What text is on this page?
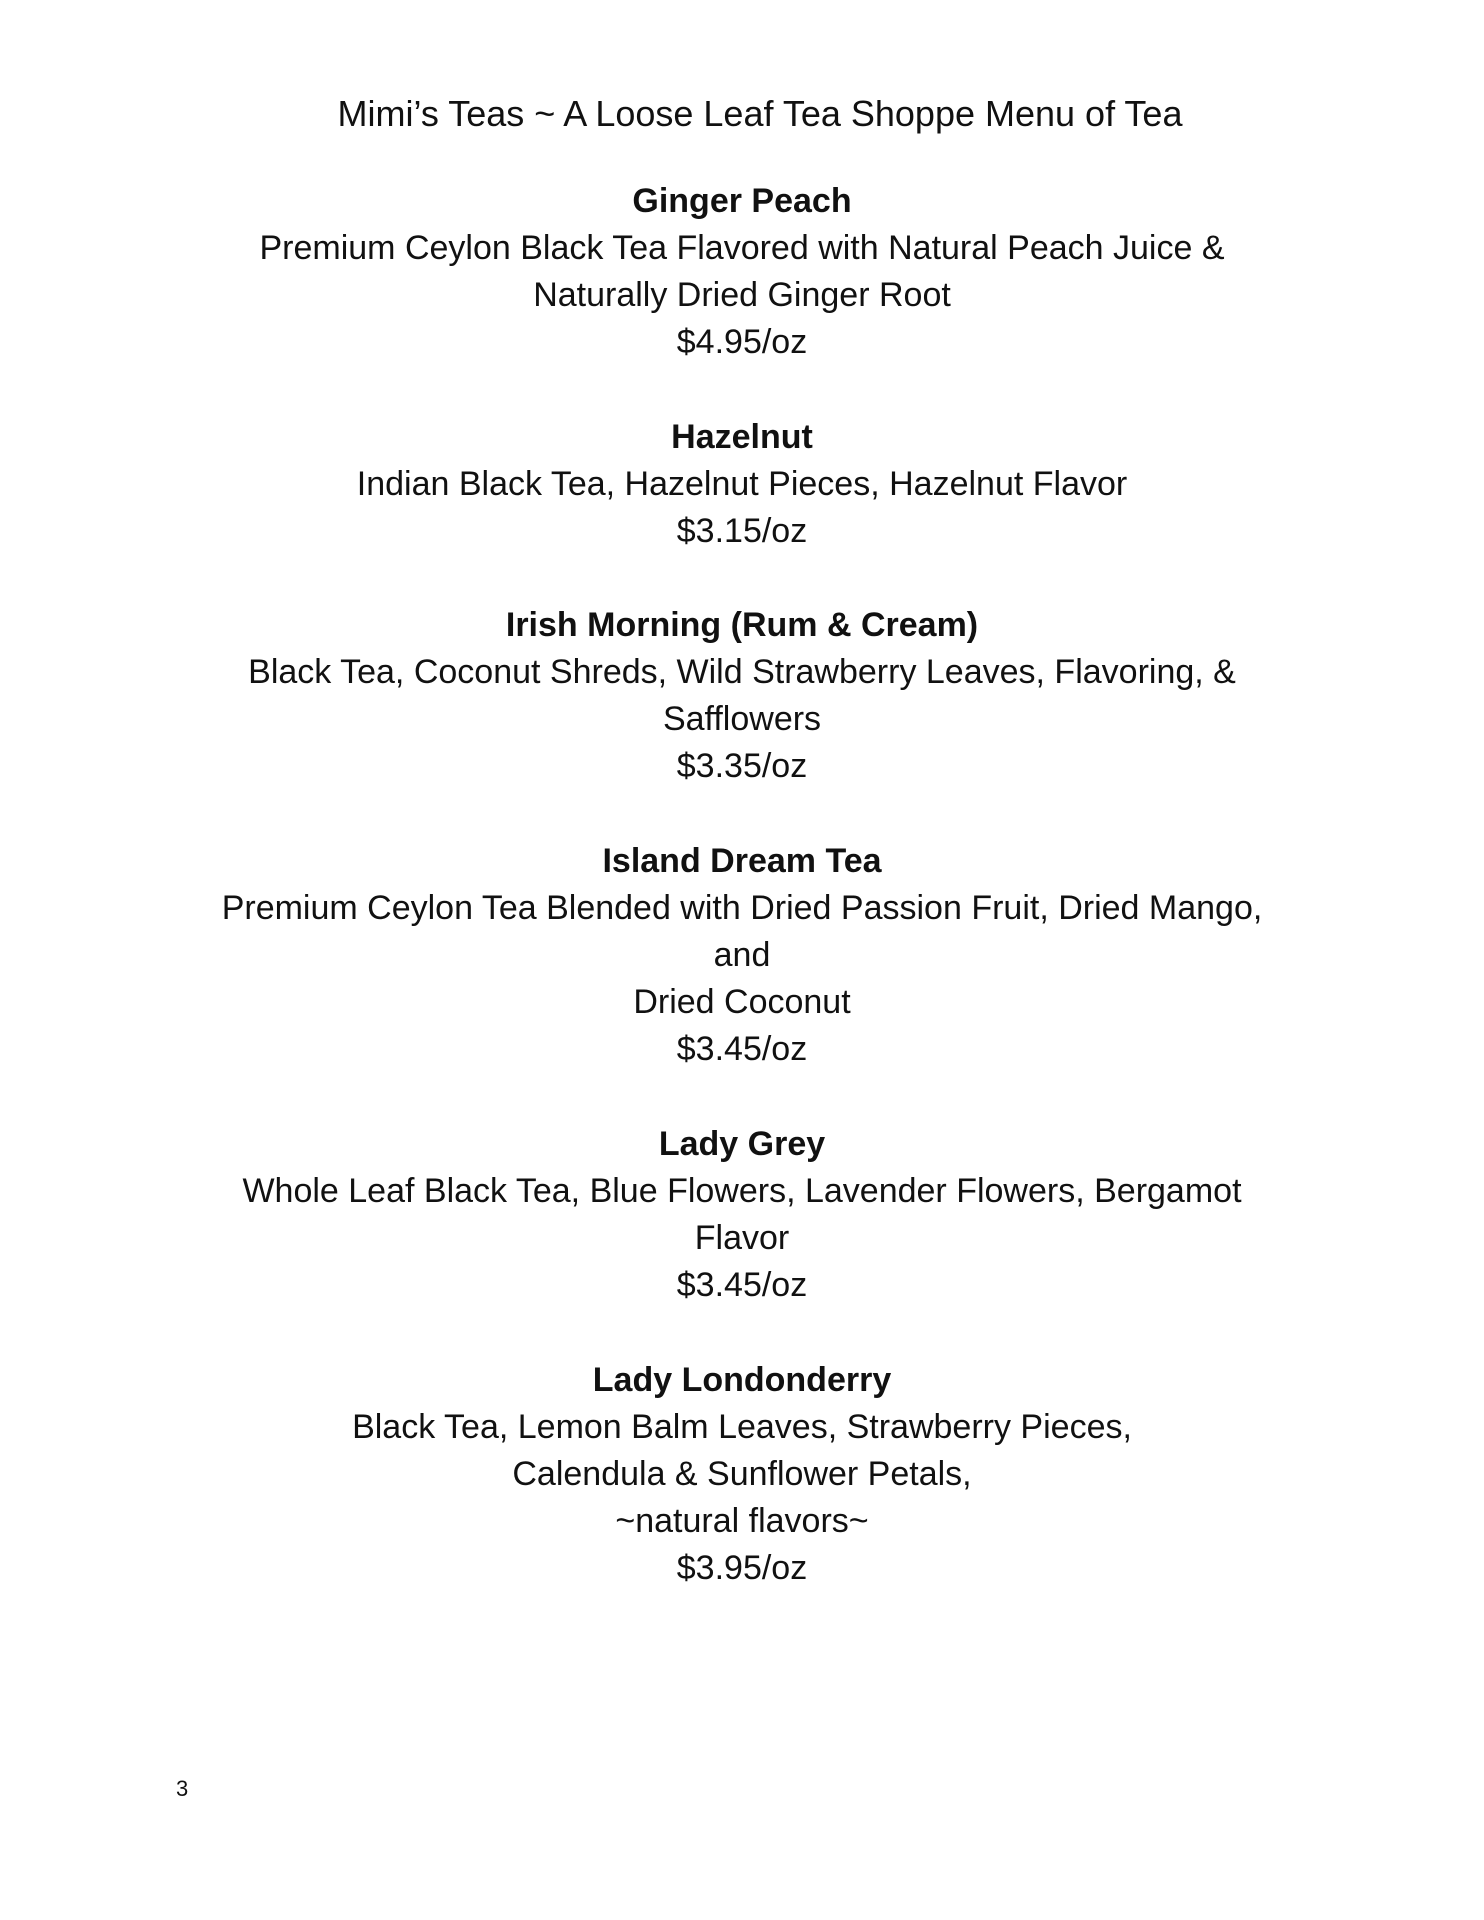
Mimi’s Teas ~ A Loose Leaf Tea Shoppe Menu of Tea
Ginger Peach
Premium Ceylon Black Tea Flavored with Natural Peach Juice &
Naturally Dried Ginger Root
$4.95/oz
Hazelnut
Indian Black Tea, Hazelnut Pieces, Hazelnut Flavor
$3.15/oz
Irish Morning (Rum & Cream)
Black Tea, Coconut Shreds, Wild Strawberry Leaves, Flavoring, &
Safflowers
$3.35/oz
Island Dream Tea
Premium Ceylon Tea Blended with Dried Passion Fruit, Dried Mango,
and
Dried Coconut
$3.45/oz
Lady Grey
Whole Leaf Black Tea, Blue Flowers, Lavender Flowers, Bergamot
Flavor
$3.45/oz
Lady Londonderry
Black Tea, Lemon Balm Leaves, Strawberry Pieces,
Calendula & Sunflower Petals,
~natural flavors~
$3.95/oz
3
